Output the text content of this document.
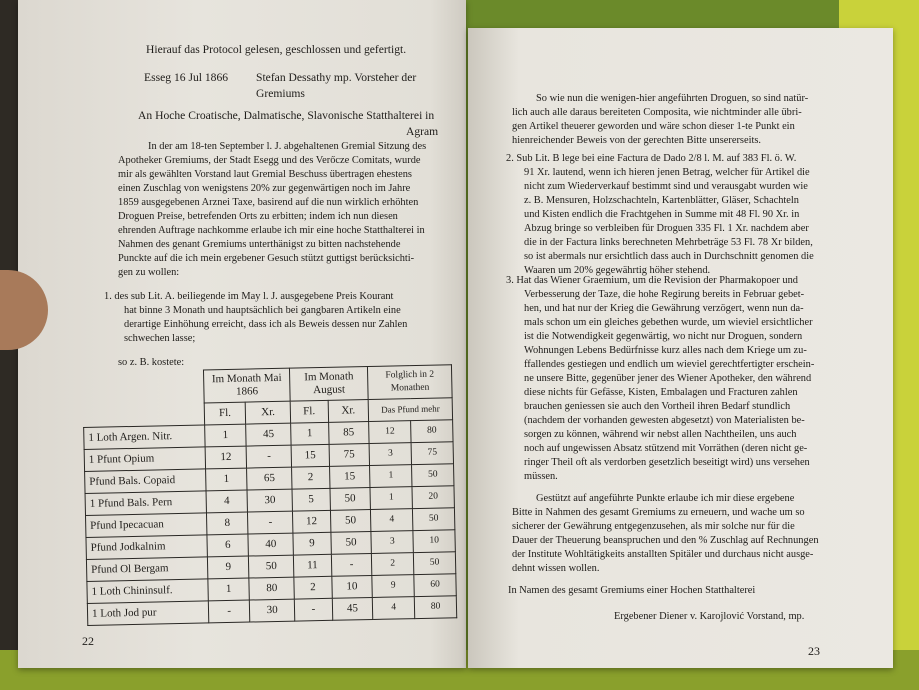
Hierauf das Protocol gelesen, geschlossen und gefertigt.

Esseg 16 Jul 1866 Stefan Dessathy mp. Vorsteher der Gremiums

An Hoche Croatische, Dalmatische, Slavonische Statthalterei in

Agram

In der am 18-ten September l. J. abgehaltenen Gremial Sitzung des

Apotheker Gremiums, der Stadt Esegg und des Verőcze Comitats, wurde

mir als gewählten Vorstand laut Gremial Beschuss übertragen ehestens

einen Zuschlag von wenigstens 20% zur gegenwärtigen noch im Jahre

1859 ausgegebenen Arznei Taxe, basirend auf die nun wirklich erhöhten

Droguen Preise, betrefenden Orts zu erbitten; indem ich nun diesen

ehrenden Auftrage nachkomme erlaube ich mir eine hoche Statthalterei in

Nahmen des genant Gremiums unterthänigst zu bitten nachstehende

Punckte auf die ich mein ergebener Gesuch stützt guttigst berücksichti-

gen zu wollen:

1. des sub Lit. A. beiliegende im May l. J. ausgegebene Preis Kourant

hat binne 3 Monath und hauptsächlich bei gangbaren Artikeln eine

derartige Einhöhung erreicht, dass ich als Beweis dessen nur Zahlen

schwechen lasse;

so z. B. kostete:

	Im Monath Mai 1866		Im Monath August		Folglich in 2 Monathen	
	Fl.	Xr.	Fl.	Xr.	Das Pfund mehr	
1 Loth Argen. Nitr.	1	45	1	85	12	80
1 Pfunt Opium	12	-	15	75	3	75
Pfund Bals. Copaid	1	65	2	15	1	50
1 Pfund Bals. Pern	4	30	5	50	1	20
Pfund Ipecacuan	8	-	12	50	4	50
Pfund Jodkalnim	6	40	9	50	3	10
Pfund Ol Bergam	9	50	11	-	2	50
1 Loth Chininsulf.	1	80	2	10	9	60
1 Loth Jod pur	-	30	-	45	4	80
22

So wie nun die wenigen-hier angeführten Droguen, so sind natür-

lich auch alle daraus bereiteten Composita, wie nichtminder alle übri-

gen Artikel theuerer geworden und wäre schon dieser 1-te Punkt ein

hienreichender Beweis von der gerechten Bitte unsererseits.

2. Sub Lit. B lege bei eine Factura de Dado 2/8 l. M. auf 383 Fl. ö. W.

91 Xr. lautend, wenn ich hieren jenen Betrag, welcher für Artikel die

nicht zum Wiederverkauf bestimmt sind und verausgabt wurden wie

z. B. Mensuren, Holzschachteln, Kartenblätter, Gläser, Schachteln

und Kisten endlich die Frachtgehen in Summe mit 48 Fl. 90 Xr. in

Abzug bringe so verbleiben für Droguen 335 Fl. 1 Xr. nachdem aber

die in der Factura links berechneten Mehrbeträge 53 Fl. 78 Xr bilden,

so ist abermals nur ersichtlich dass auch in Durchschnitt genomen die

Waaren um 20% gegewährtig höher stehend.

3. Hat das Wiener Graemium, um die Revision der Pharmakopoer und

Verbesserung der Taze, die hohe Regirung bereits in Februar gebet-

hen, und hat nur der Krieg die Gewährung verzögert, wenn nun da-

mals schon um ein gleiches gebethen wurde, um wieviel ersichtlicher

ist die Notwendigkeit gegenwärtig, wo nicht nur Droguen, sondern

Wohnungen Lebens Bedürfnisse kurz alles nach dem Kriege um zu-

ffallendes gestiegen und endlich um wieviel gerechtfertigter erschein-

ne unsere Bitte, gegenüber jener des Wiener Apotheker, den während

diese nichts für Gefässe, Kisten, Embalagen und Fracturen zahlen

brauchen geniessen sie auch den Vortheil ihren Bedarf stundlich

(nachdem der vorhanden gewesten abgesetzt) von Materialisten be-

sorgen zu können, während wir nebst allen Nachtheilen, uns auch

noch auf ungewissen Absatz stützend mit Vorräthen (deren nicht ge-

ringer Theil oft als verdorben gesetzlich beseitigt wird) uns versehen

müssen.

Gestützt auf angeführte Punkte erlaube ich mir diese ergebene

Bitte in Nahmen des gesamt Gremiums zu erneuern, und wache um so

sicherer der Gewährung entgegenzusehen, als mir solche nur für die

Dauer der Theuerung beanspruchen und den % Zuschlag auf Rechnungen

der Institute Wohltätigkeits anstallten Spitäler und durchaus nicht ausge-

dehnt wissen wollen.

In Namen des gesamt Gremiums einer Hochen Statthalterei

Ergebener Diener v. Karojlović Vorstand, mp.

23
